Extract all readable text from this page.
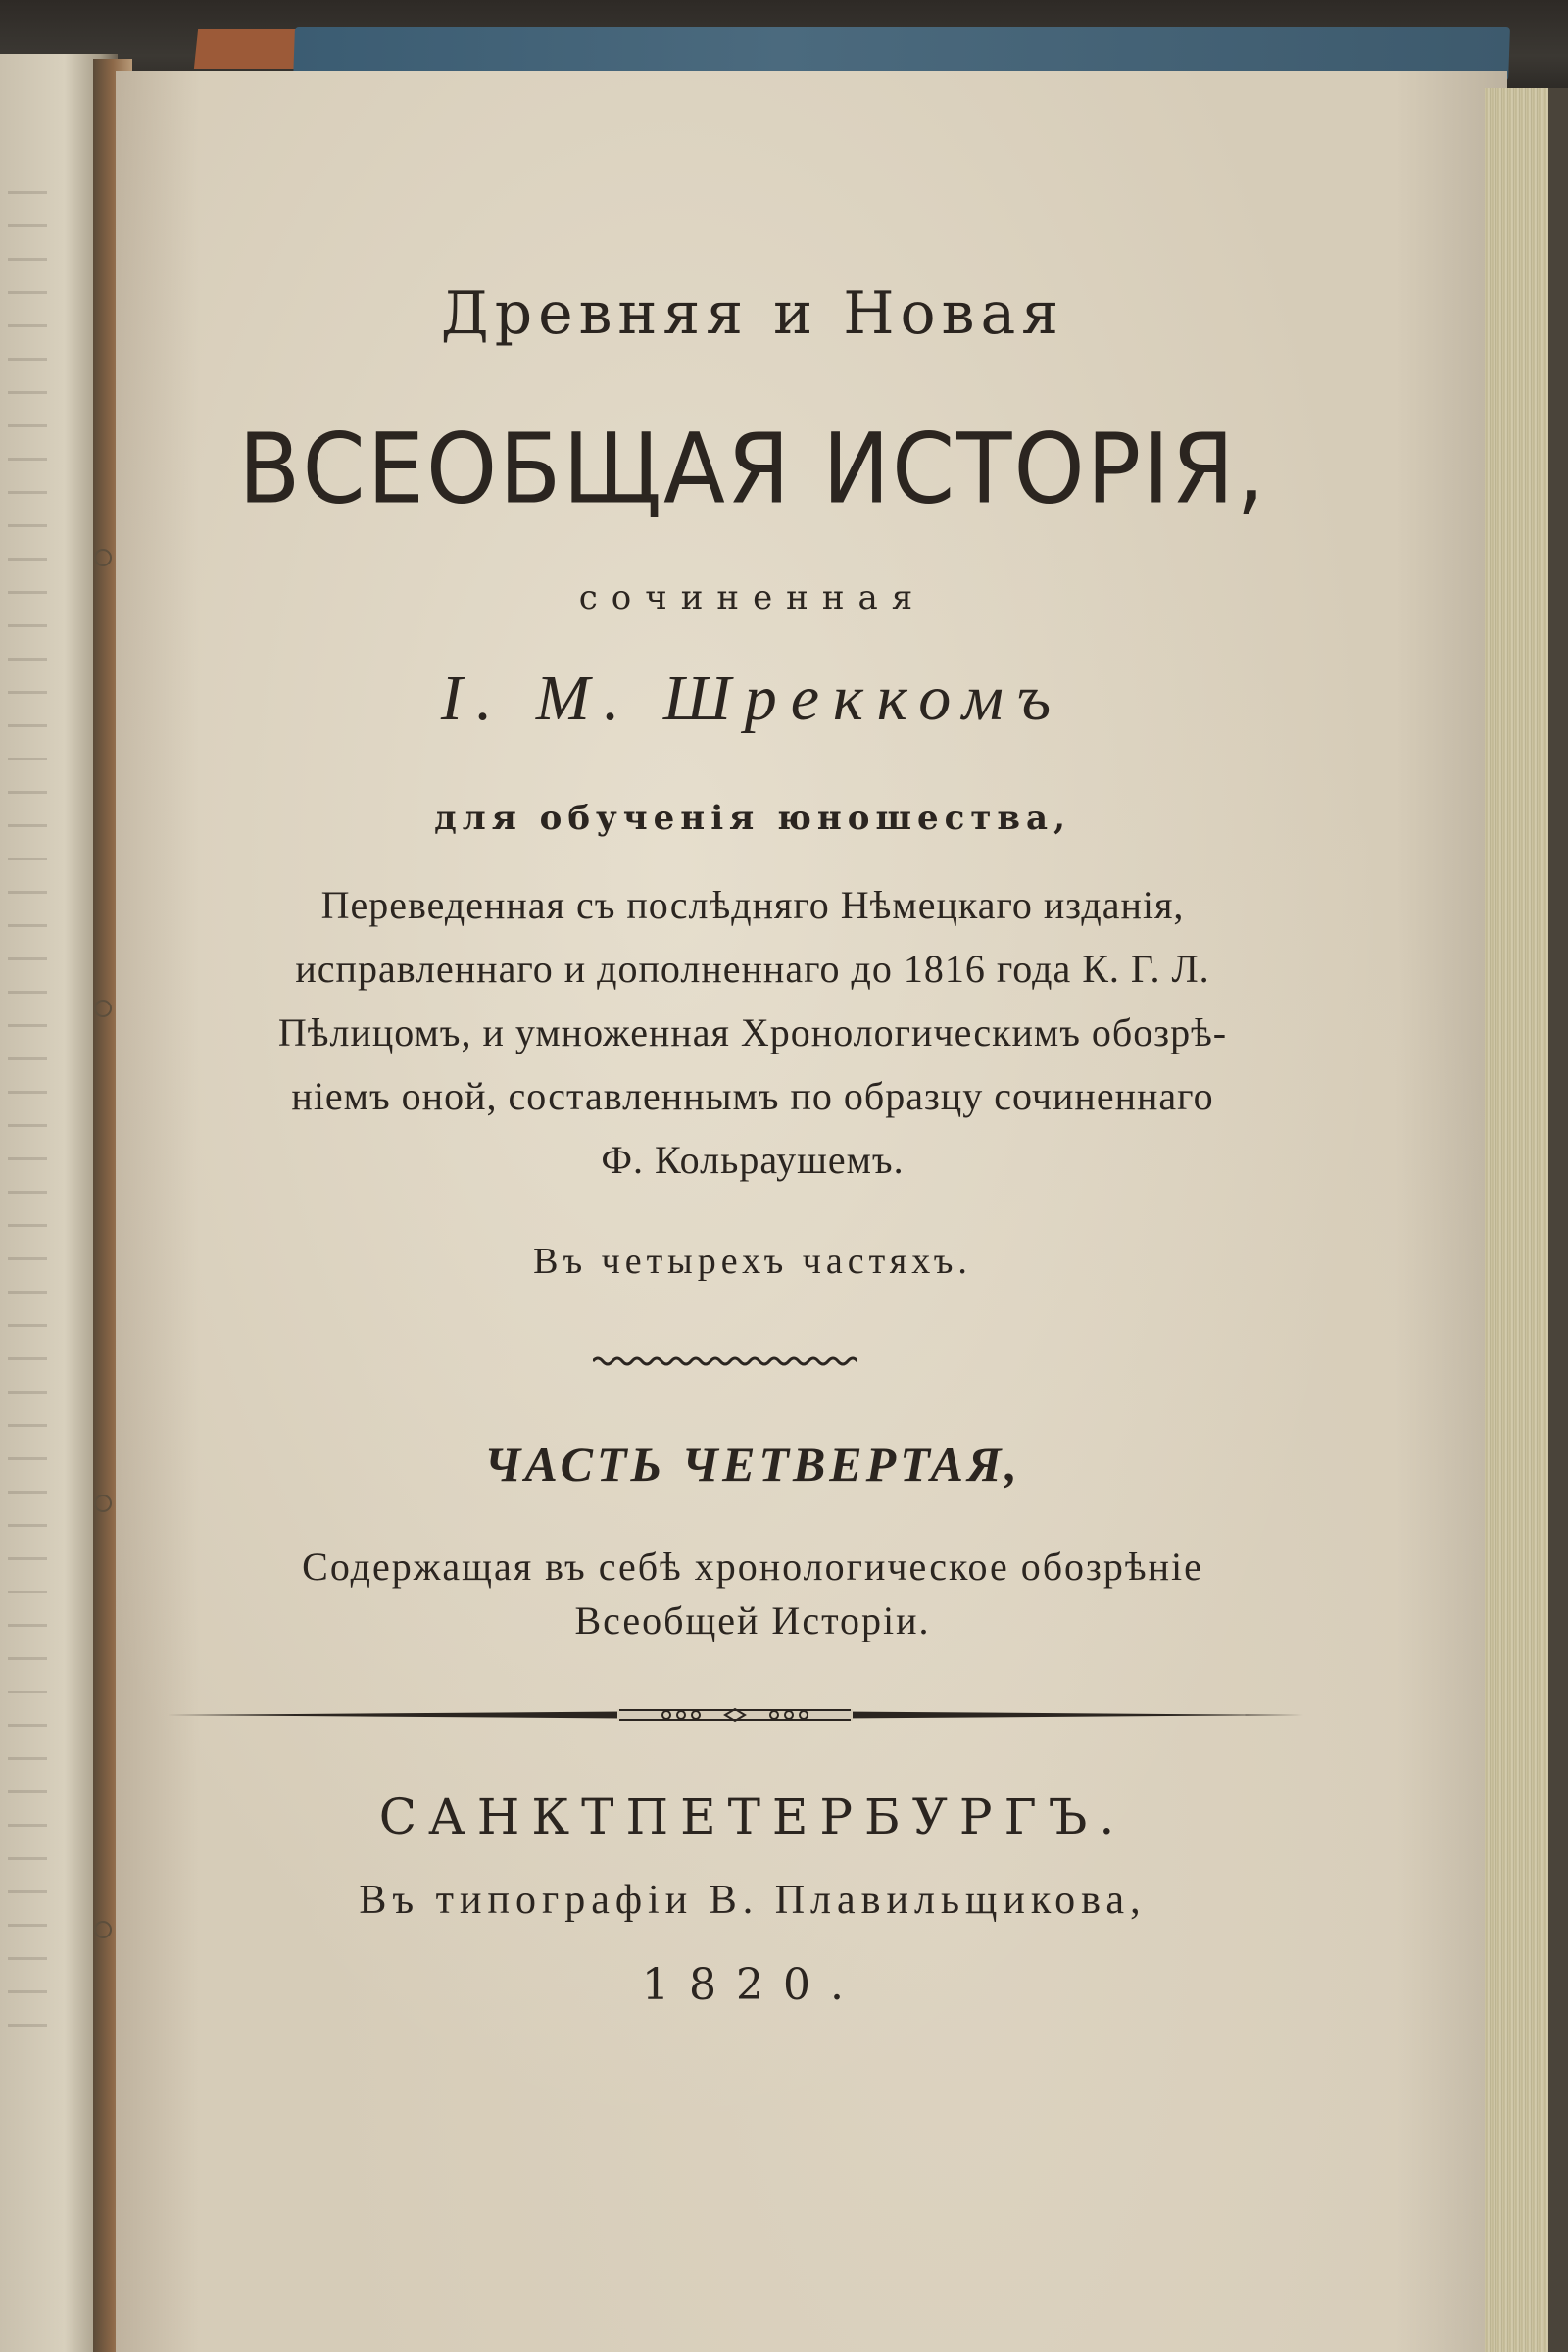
Древняя и Новая
ВСЕОБЩАЯ ИСТОРІЯ,
сочиненная
І. М. Шреккомъ
для обученія юношества,
Переведенная съ послѣдняго Нѣмецкаго изданія,
исправленнаго и дополненнаго до 1816 года К. Г. Л.
Пѣлицомъ, и умноженная Хронологическимъ обозрѣ-
ніемъ оной, составленнымъ по образцу сочиненнаго
Ф. Кольраушемъ.
Въ четырехъ частяхъ.
ЧАСТЬ ЧЕТВЕРТАЯ,
Содержащая въ себѣ хронологическое обозрѣніе
Всеобщей Исторіи.
САНКТПЕТЕРБУРГЪ.
Въ типографіи В. Плавильщикова,
1820.
